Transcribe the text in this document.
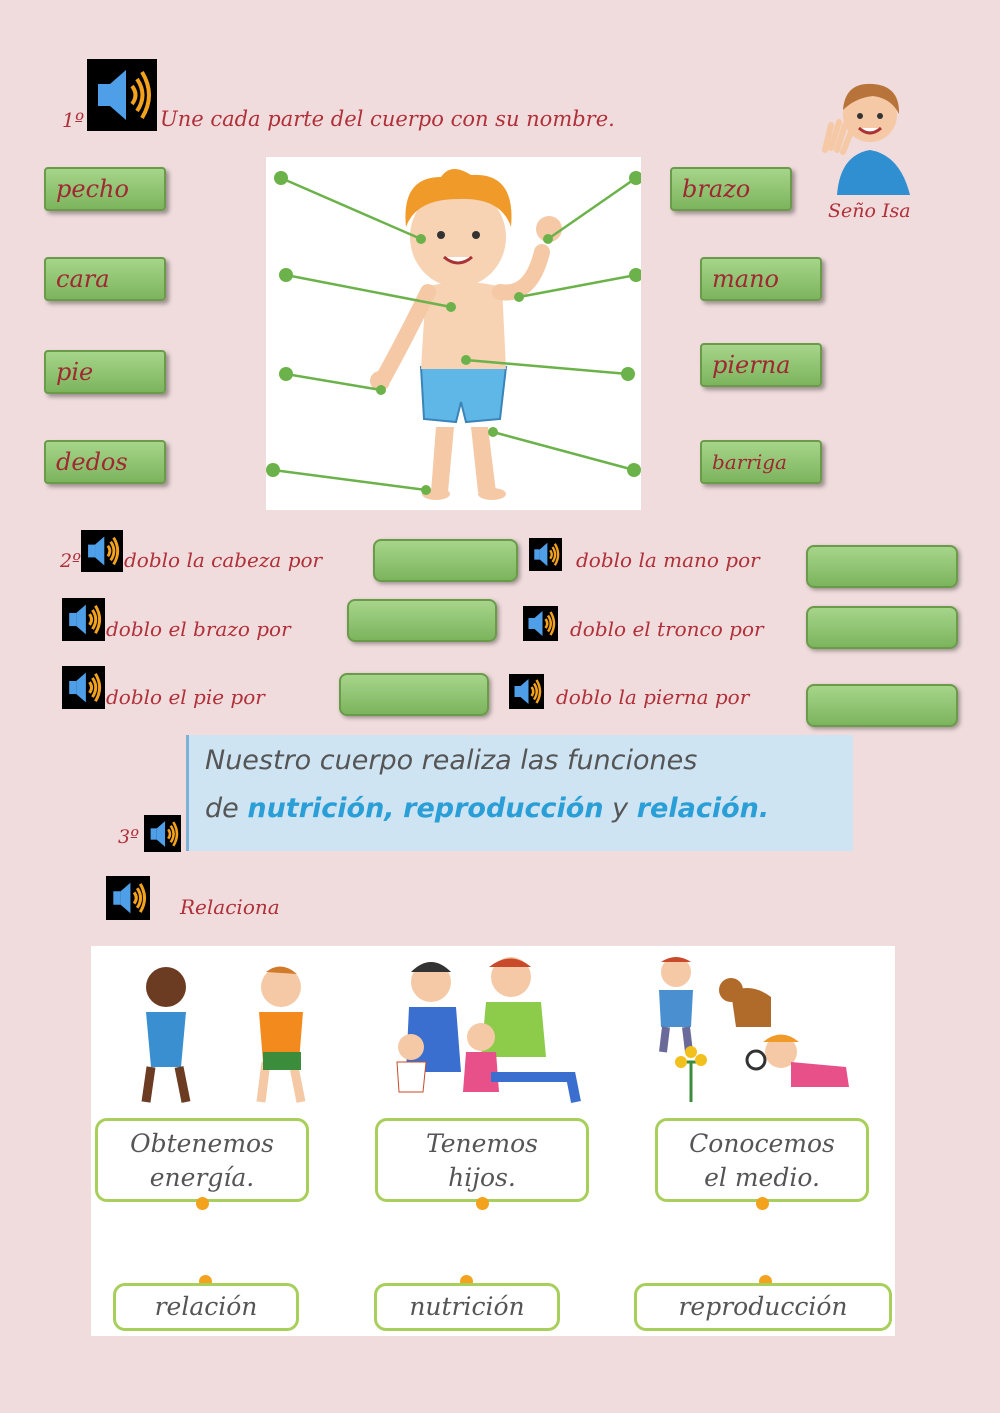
1º	Une cada parte del cuerpo con su nombre.
Seño Isa
pecho
cara
pie
dedos
brazo
mano
pierna
barriga
2º doblo la cabeza por	doblo la mano por
doblo el brazo por	doblo el tronco por
doblo el pie por	doblo la pierna por
Nuestro cuerpo realiza las funciones
de nutrición, reproducción y relación.
3º
Relaciona
Obtenemos
energía.
Tenemos
hijos.
Conocemos
el medio.
relación	nutrición	reproducción
